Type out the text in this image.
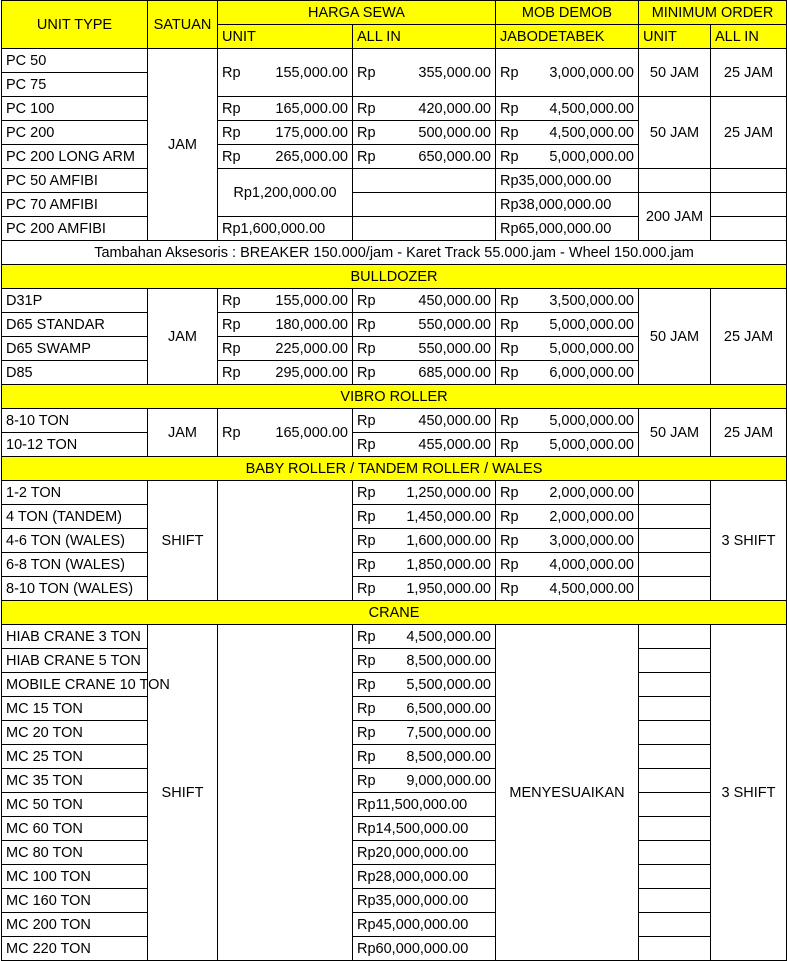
UNIT TYPE	SATUAN	HARGA SEWA		MOB DEMOB	MINIMUM ORDER	
		UNIT	ALL IN	JABODETABEK	UNIT	ALL IN
PC 50	JAM	Rp 155,000.00	Rp 355,000.00	Rp 3,000,000.00	50 JAM	25 JAM
PC 75						
PC 100		Rp 165,000.00	Rp 420,000.00	Rp 4,500,000.00	50 JAM	25 JAM
PC 200		Rp 175,000.00	Rp 500,000.00	Rp 4,500,000.00		

PC 200 LONG ARM		Rp 265,000.00	Rp 650,000.00	Rp 5,000,000.00		

PC 50 AMFIBI		Rp1,200,000.00		Rp35,000,000.00		
PC 70 AMFIBI				Rp38,000,000.00	200 JAM	
PC 200 AMFIBI		Rp1,600,000.00		Rp65,000,000.00		
Tambahan Aksesoris : BREAKER 150.000/jam - Karet Track 55.000.jam - Wheel 150.000.jam						
BULLDOZER						
D31P	JAM	Rp 155,000.00	Rp 450,000.00	Rp 3,500,000.00	50 JAM	25 JAM
D65 STANDAR		Rp 180,000.00	Rp 550,000.00	Rp 5,000,000.00		

D65 SWAMP		Rp 225,000.00	Rp 550,000.00	Rp 5,000,000.00		

D85		Rp 295,000.00	Rp 685,000.00	Rp 6,000,000.00		

VIBRO ROLLER						
8-10 TON	JAM	Rp 165,000.00	Rp 450,000.00	Rp 5,000,000.00	50 JAM	25 JAM
10-12 TON			Rp 455,000.00	Rp 5,000,000.00		

BABY ROLLER / TANDEM ROLLER / WALES						
1-2 TON	SHIFT		Rp 1,250,000.00	Rp 2,000,000.00		3 SHIFT
4 TON (TANDEM)			Rp 1,450,000.00	Rp 2,000,000.00		

4-6 TON (WALES)			Rp 1,600,000.00	Rp 3,000,000.00		

6-8 TON (WALES)			Rp 1,850,000.00	Rp 4,000,000.00		

8-10 TON (WALES)			Rp 1,950,000.00	Rp 4,500,000.00		

CRANE						
HIAB CRANE 3 TON	SHIFT		Rp 4,500,000.00	MENYESUAIKAN		3 SHIFT
HIAB CRANE 5 TON			Rp 8,500,000.00			

MOBILE CRANE 10 TON			Rp 5,500,000.00			

MC 15 TON			Rp 6,500,000.00			

MC 20 TON			Rp 7,500,000.00			

MC 25 TON			Rp 8,500,000.00			

MC 35 TON			Rp 9,000,000.00			

MC 50 TON			Rp 11,500,000.00			

MC 60 TON			Rp 14,500,000.00			

MC 80 TON			Rp 20,000,000.00			

MC 100 TON			Rp 28,000,000.00			

MC 160 TON			Rp 35,000,000.00			

MC 200 TON			Rp 45,000,000.00			

MC 220 TON			Rp 60,000,000.00			
